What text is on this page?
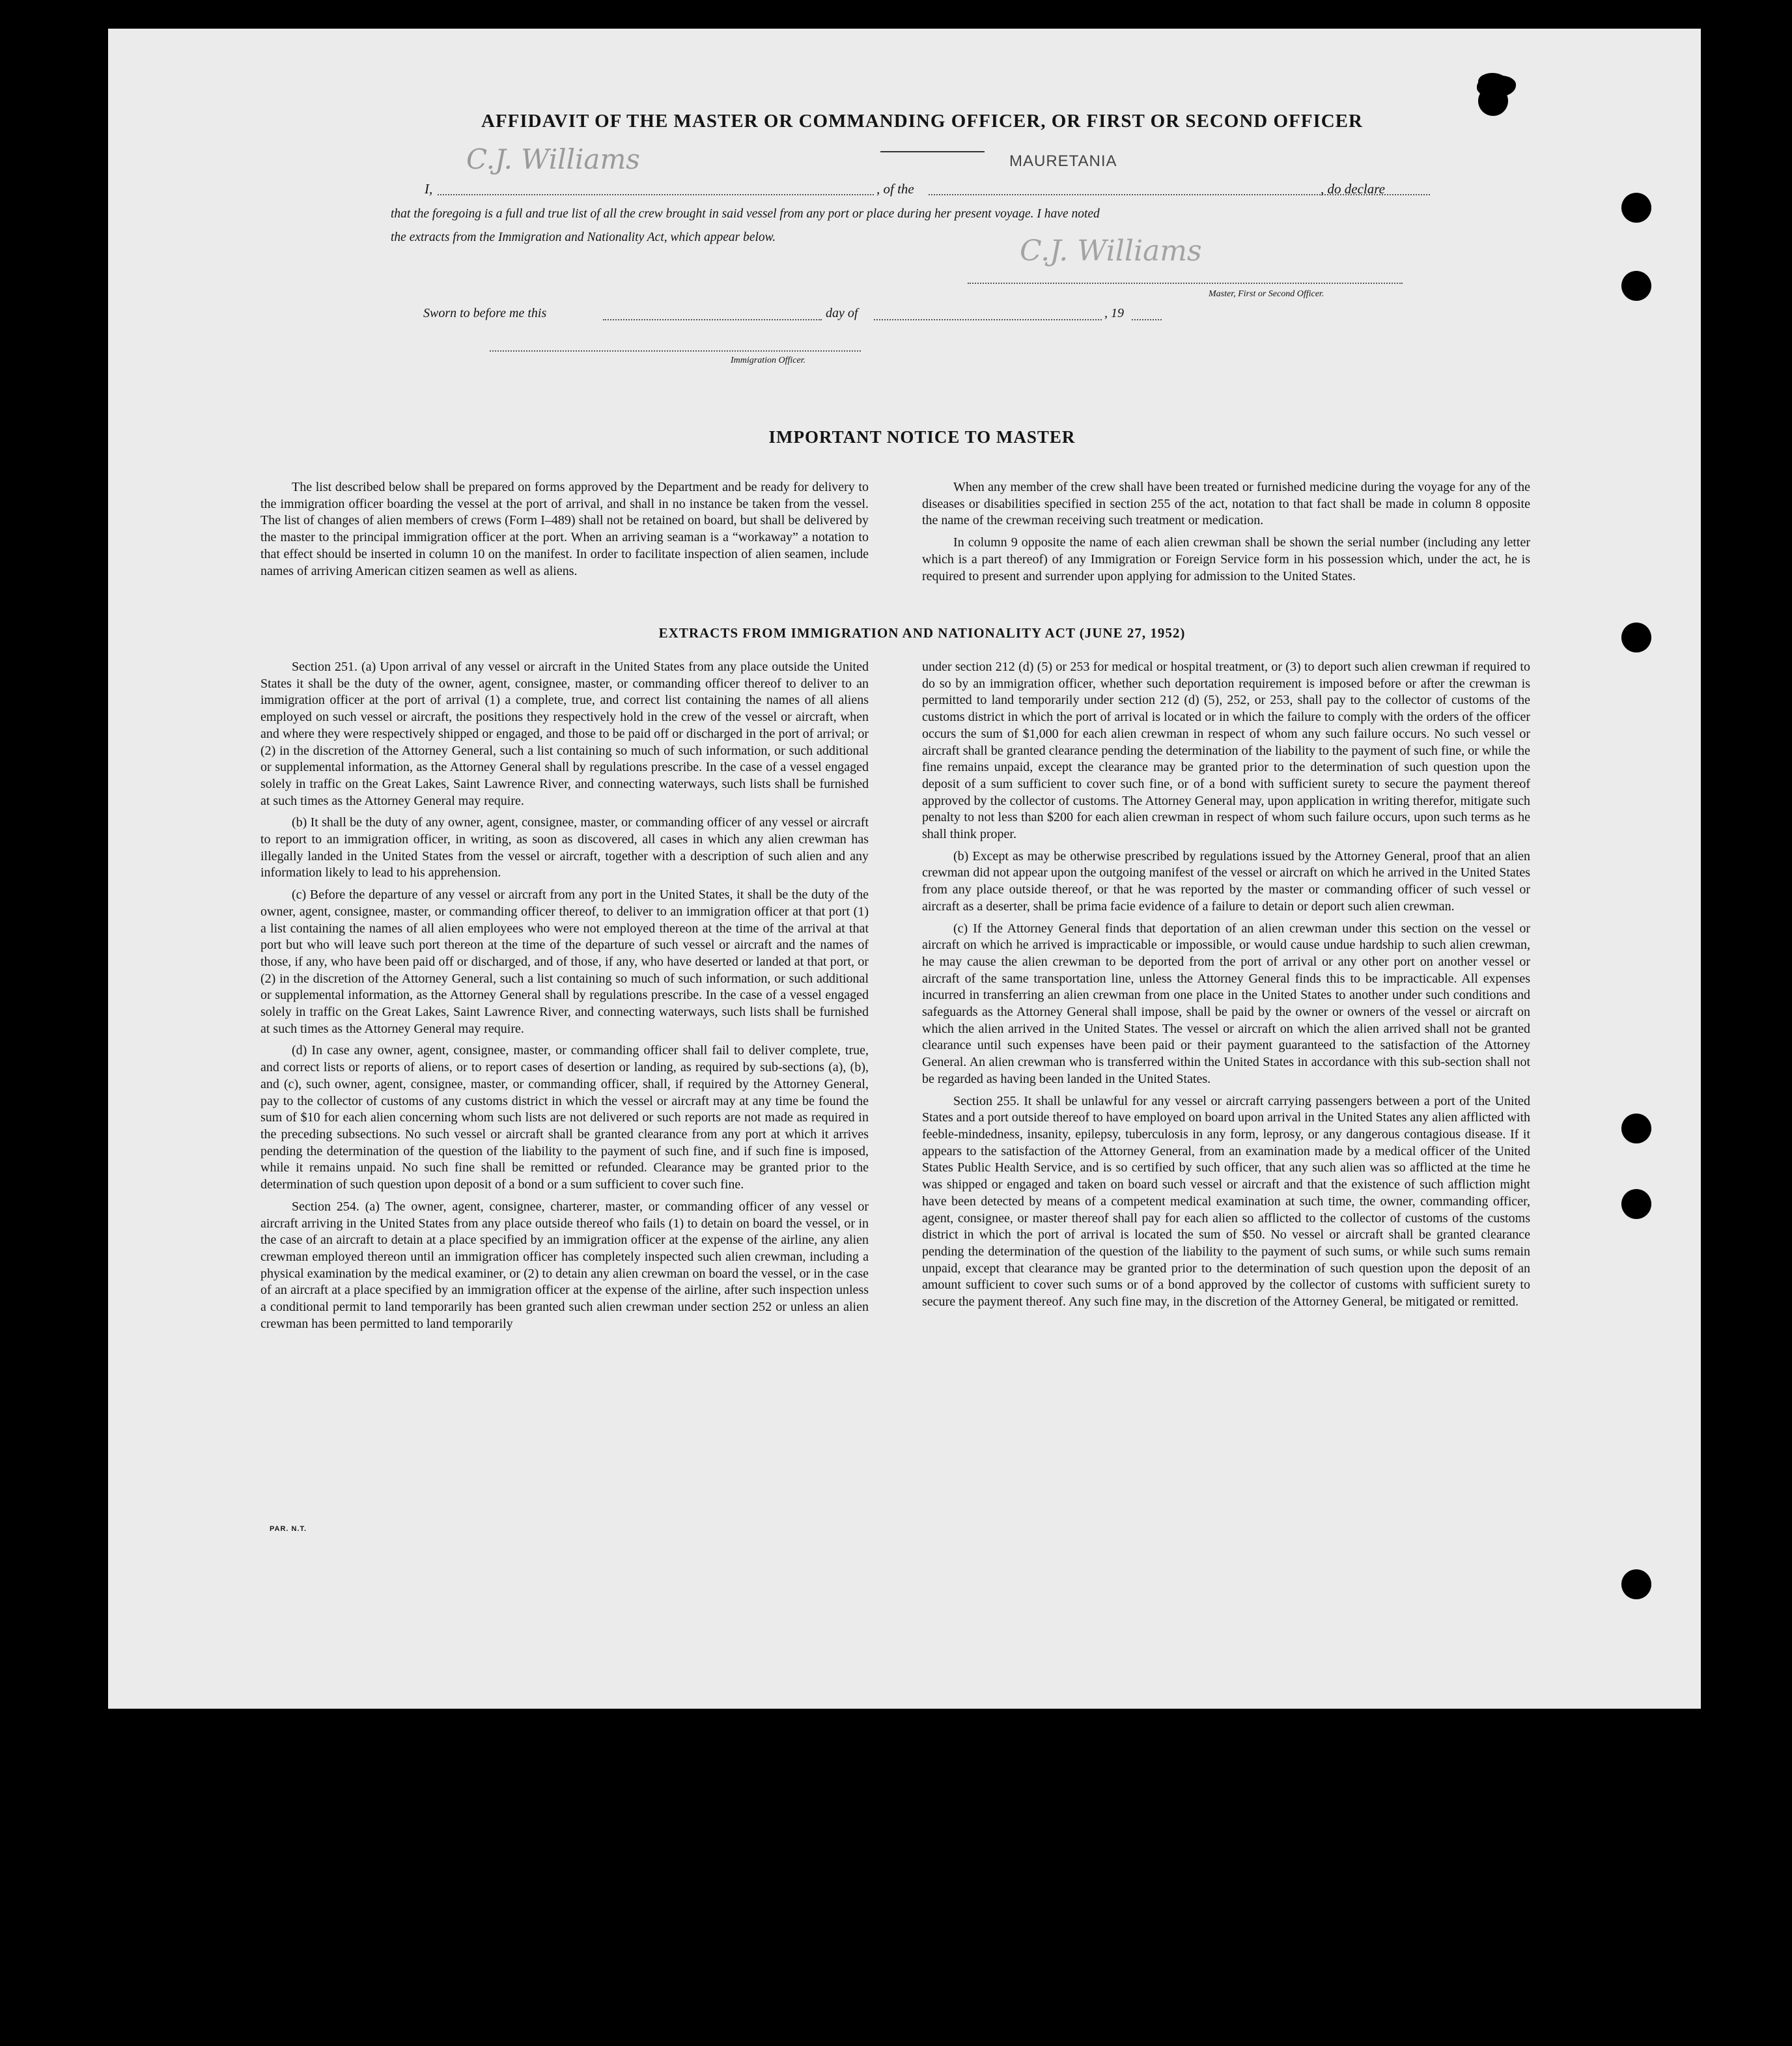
AFFIDAVIT OF THE MASTER OR COMMANDING OFFICER, OR FIRST OR SECOND OFFICER
I,
C.J. Williams
, of the
MAURETANIA
, do declare
that the foregoing is a full and true list of all the crew brought in said vessel from any port or place during her present voyage. I have noted
the extracts from the Immigration and Nationality Act, which appear below.	C.J. Williams
Master, First or Second Officer.
Sworn to before me this	day of	, 19
Immigration Officer.
IMPORTANT NOTICE TO MASTER

The list described below shall be prepared on forms approved by the Department and be ready for delivery to the immigration officer boarding the vessel at the port of arrival, and shall in no instance be taken from the vessel. The list of changes of alien members of crews (Form I–489) shall not be retained on board, but shall be delivered by the master to the principal immigration officer at the port. When an arriving seaman is a “workaway” a notation to that effect should be inserted in column 10 on the manifest. In order to facilitate inspection of alien seamen, include names of arriving American citizen seamen as well as aliens.

When any member of the crew shall have been treated or furnished medicine during the voyage for any of the diseases or disabilities specified in section 255 of the act, notation to that fact shall be made in column 8 opposite the name of the crewman receiving such treatment or medication.

In column 9 opposite the name of each alien crewman shall be shown the serial number (including any letter which is a part thereof) of any Immigration or Foreign Service form in his possession which, under the act, he is required to present and surrender upon applying for admission to the United States.

EXTRACTS FROM IMMIGRATION AND NATIONALITY ACT (JUNE 27, 1952)

Section 251. (a) Upon arrival of any vessel or aircraft in the United States from any place outside the United States it shall be the duty of the owner, agent, consignee, master, or commanding officer thereof to deliver to an immigration officer at the port of arrival (1) a complete, true, and correct list containing the names of all aliens employed on such vessel or aircraft, the positions they respectively hold in the crew of the vessel or aircraft, when and where they were respectively shipped or engaged, and those to be paid off or discharged in the port of arrival; or (2) in the discretion of the Attorney General, such a list containing so much of such information, or such additional or supplemental information, as the Attorney General shall by regulations prescribe. In the case of a vessel engaged solely in traffic on the Great Lakes, Saint Lawrence River, and connecting waterways, such lists shall be furnished at such times as the Attorney General may require.

(b) It shall be the duty of any owner, agent, consignee, master, or commanding officer of any vessel or aircraft to report to an immigration officer, in writing, as soon as discovered, all cases in which any alien crewman has illegally landed in the United States from the vessel or aircraft, together with a description of such alien and any information likely to lead to his apprehension.

(c) Before the departure of any vessel or aircraft from any port in the United States, it shall be the duty of the owner, agent, consignee, master, or commanding officer thereof, to deliver to an immigration officer at that port (1) a list containing the names of all alien employees who were not employed thereon at the time of the arrival at that port but who will leave such port thereon at the time of the departure of such vessel or aircraft and the names of those, if any, who have been paid off or discharged, and of those, if any, who have deserted or landed at that port, or (2) in the discretion of the Attorney General, such a list containing so much of such information, or such additional or supplemental information, as the Attorney General shall by regulations prescribe. In the case of a vessel engaged solely in traffic on the Great Lakes, Saint Lawrence River, and connecting waterways, such lists shall be furnished at such times as the Attorney General may require.

(d) In case any owner, agent, consignee, master, or commanding officer shall fail to deliver complete, true, and correct lists or reports of aliens, or to report cases of desertion or landing, as required by sub-sections (a), (b), and (c), such owner, agent, consignee, master, or commanding officer, shall, if required by the Attorney General, pay to the collector of customs of any customs district in which the vessel or aircraft may at any time be found the sum of $10 for each alien concerning whom such lists are not delivered or such reports are not made as required in the preceding subsections. No such vessel or aircraft shall be granted clearance from any port at which it arrives pending the determination of the question of the liability to the payment of such fine, and if such fine is imposed, while it remains unpaid. No such fine shall be remitted or refunded. Clearance may be granted prior to the determination of such question upon deposit of a bond or a sum sufficient to cover such fine.

Section 254. (a) The owner, agent, consignee, charterer, master, or commanding officer of any vessel or aircraft arriving in the United States from any place outside thereof who fails (1) to detain on board the vessel, or in the case of an aircraft to detain at a place specified by an immigration officer at the expense of the airline, any alien crewman employed thereon until an immigration officer has completely inspected such alien crewman, including a physical examination by the medical examiner, or (2) to detain any alien crewman on board the vessel, or in the case of an aircraft at a place specified by an immigration officer at the expense of the airline, after such inspection unless a conditional permit to land temporarily has been granted such alien crewman under section 252 or unless an alien crewman has been permitted to land temporarily

under section 212 (d) (5) or 253 for medical or hospital treatment, or (3) to deport such alien crewman if required to do so by an immigration officer, whether such deportation requirement is imposed before or after the crewman is permitted to land temporarily under section 212 (d) (5), 252, or 253, shall pay to the collector of customs of the customs district in which the port of arrival is located or in which the failure to comply with the orders of the officer occurs the sum of $1,000 for each alien crewman in respect of whom any such failure occurs. No such vessel or aircraft shall be granted clearance pending the determination of the liability to the payment of such fine, or while the fine remains unpaid, except the clearance may be granted prior to the determination of such question upon the deposit of a sum sufficient to cover such fine, or of a bond with sufficient surety to secure the payment thereof approved by the collector of customs. The Attorney General may, upon application in writing therefor, mitigate such penalty to not less than $200 for each alien crewman in respect of whom such failure occurs, upon such terms as he shall think proper.

(b) Except as may be otherwise prescribed by regulations issued by the Attorney General, proof that an alien crewman did not appear upon the outgoing manifest of the vessel or aircraft on which he arrived in the United States from any place outside thereof, or that he was reported by the master or commanding officer of such vessel or aircraft as a deserter, shall be prima facie evidence of a failure to detain or deport such alien crewman.

(c) If the Attorney General finds that deportation of an alien crewman under this section on the vessel or aircraft on which he arrived is impracticable or impossible, or would cause undue hardship to such alien crewman, he may cause the alien crewman to be deported from the port of arrival or any other port on another vessel or aircraft of the same transportation line, unless the Attorney General finds this to be impracticable. All expenses incurred in transferring an alien crewman from one place in the United States to another under such conditions and safeguards as the Attorney General shall impose, shall be paid by the owner or owners of the vessel or aircraft on which the alien arrived in the United States. The vessel or aircraft on which the alien arrived shall not be granted clearance until such expenses have been paid or their payment guaranteed to the satisfaction of the Attorney General. An alien crewman who is transferred within the United States in accordance with this sub-section shall not be regarded as having been landed in the United States.

Section 255. It shall be unlawful for any vessel or aircraft carrying passengers between a port of the United States and a port outside thereof to have employed on board upon arrival in the United States any alien afflicted with feeble-mindedness, insanity, epilepsy, tuberculosis in any form, leprosy, or any dangerous contagious disease. If it appears to the satisfaction of the Attorney General, from an examination made by a medical officer of the United States Public Health Service, and is so certified by such officer, that any such alien was so afflicted at the time he was shipped or engaged and taken on board such vessel or aircraft and that the existence of such affliction might have been detected by means of a competent medical examination at such time, the owner, commanding officer, agent, consignee, or master thereof shall pay for each alien so afflicted to the collector of customs of the customs district in which the port of arrival is located the sum of $50. No vessel or aircraft shall be granted clearance pending the determination of the question of the liability to the payment of such sums, or while such sums remain unpaid, except that clearance may be granted prior to the determination of such question upon the deposit of an amount sufficient to cover such sums or of a bond approved by the collector of customs with sufficient surety to secure the payment thereof. Any such fine may, in the discretion of the Attorney General, be mitigated or remitted.

PAR. N.T.
